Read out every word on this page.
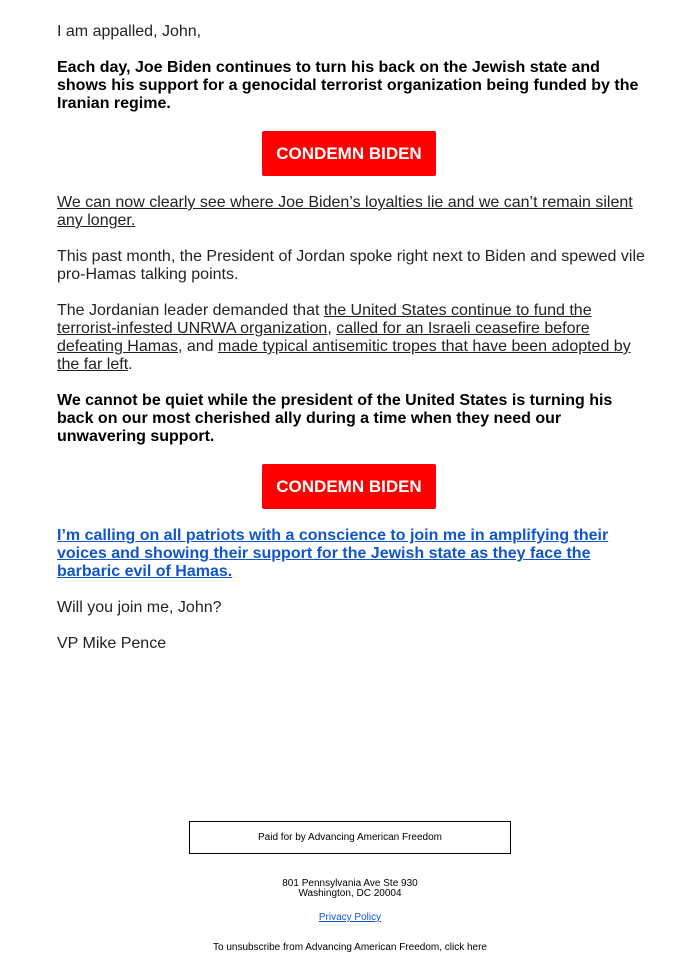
I am appalled, John,

Each day, Joe Biden continues to turn his back on the Jewish state and shows his support for a genocidal terrorist organization being funded by the Iranian regime.

CONDEMN BIDEN

We can now clearly see where Joe Biden’s loyalties lie and we can’t remain silent any longer.

This past month, the President of Jordan spoke right next to Biden and spewed vile pro-Hamas talking points.

The Jordanian leader demanded that the United States continue to fund the terrorist-infested UNRWA organization, called for an Israeli ceasefire before defeating Hamas, and made typical antisemitic tropes that have been adopted by the far left.

We cannot be quiet while the president of the United States is turning his back on our most cherished ally during a time when they need our unwavering support.

CONDEMN BIDEN

I’m calling on all patriots with a conscience to join me in amplifying their voices and showing their support for the Jewish state as they face the barbaric evil of Hamas.

Will you join me, John?

VP Mike Pence

Paid for by Advancing American Freedom
801 Pennsylvania Ave Ste 930
Washington, DC 20004
Privacy Policy
To unsubscribe from Advancing American Freedom, click here
